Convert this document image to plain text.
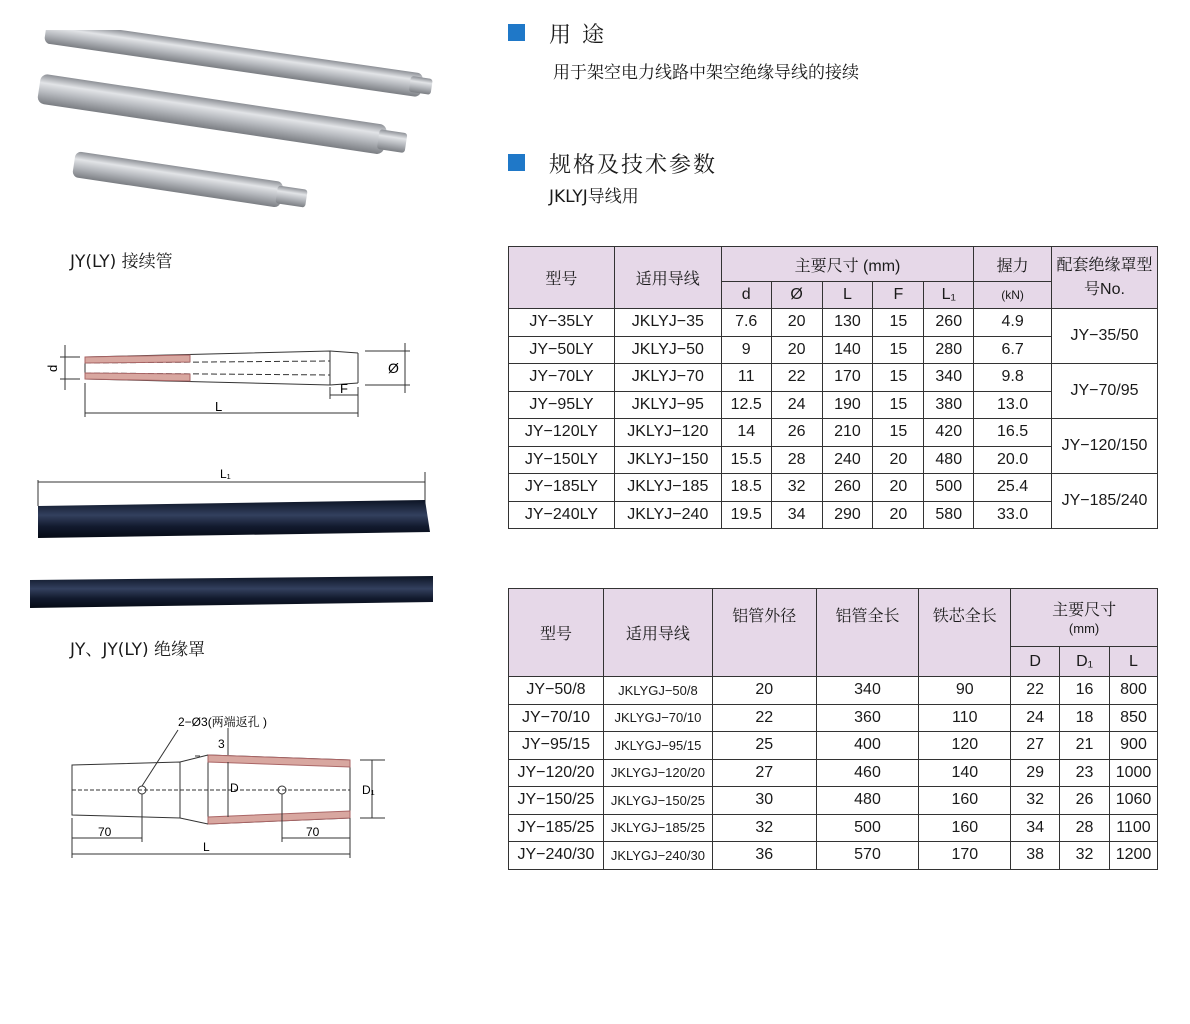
JY(LY) 接续管
d	Ø
L
F
L₁
JY、JY(LY) 绝缘罩
2−Ø3(两端返孔 )
3
D	D₁
70	70
L
用 途
用于架空电力线路中架空绝缘导线的接续
规格及技术参数
JKLYJ导线用
型号	适用导线	主要尺寸 (mm)					握力	配套绝缘罩型号No.
		d	Ø	L	F	L₁	(kN)	
JY−35LY	JKLYJ−35	7.6	20	130	15	260	4.9	JY−35/50
JY−50LY	JKLYJ−50	9	20	140	15	280	6.7	
JY−70LY	JKLYJ−70	11	22	170	15	340	9.8	JY−70/95
JY−95LY	JKLYJ−95	12.5	24	190	15	380	13.0	
JY−120LY	JKLYJ−120	14	26	210	15	420	16.5	JY−120/150
JY−150LY	JKLYJ−150	15.5	28	240	20	480	20.0	
JY−185LY	JKLYJ−185	18.5	32	260	20	500	25.4	JY−185/240
JY−240LY	JKLYJ−240	19.5	34	290	20	580	33.0	
型号	适用导线	铝管外径	铝管全长	铁芯全长	主要尺寸
(mm)		
					D	D₁	L
JY−50/8	JKLYGJ−50/8	20	340	90	22	16	800
JY−70/10	JKLYGJ−70/10	22	360	110	24	18	850
JY−95/15	JKLYGJ−95/15	25	400	120	27	21	900
JY−120/20	JKLYGJ−120/20	27	460	140	29	23	1000
JY−150/25	JKLYGJ−150/25	30	480	160	32	26	1060
JY−185/25	JKLYGJ−185/25	32	500	160	34	28	1100
JY−240/30	JKLYGJ−240/30	36	570	170	38	32	1200
